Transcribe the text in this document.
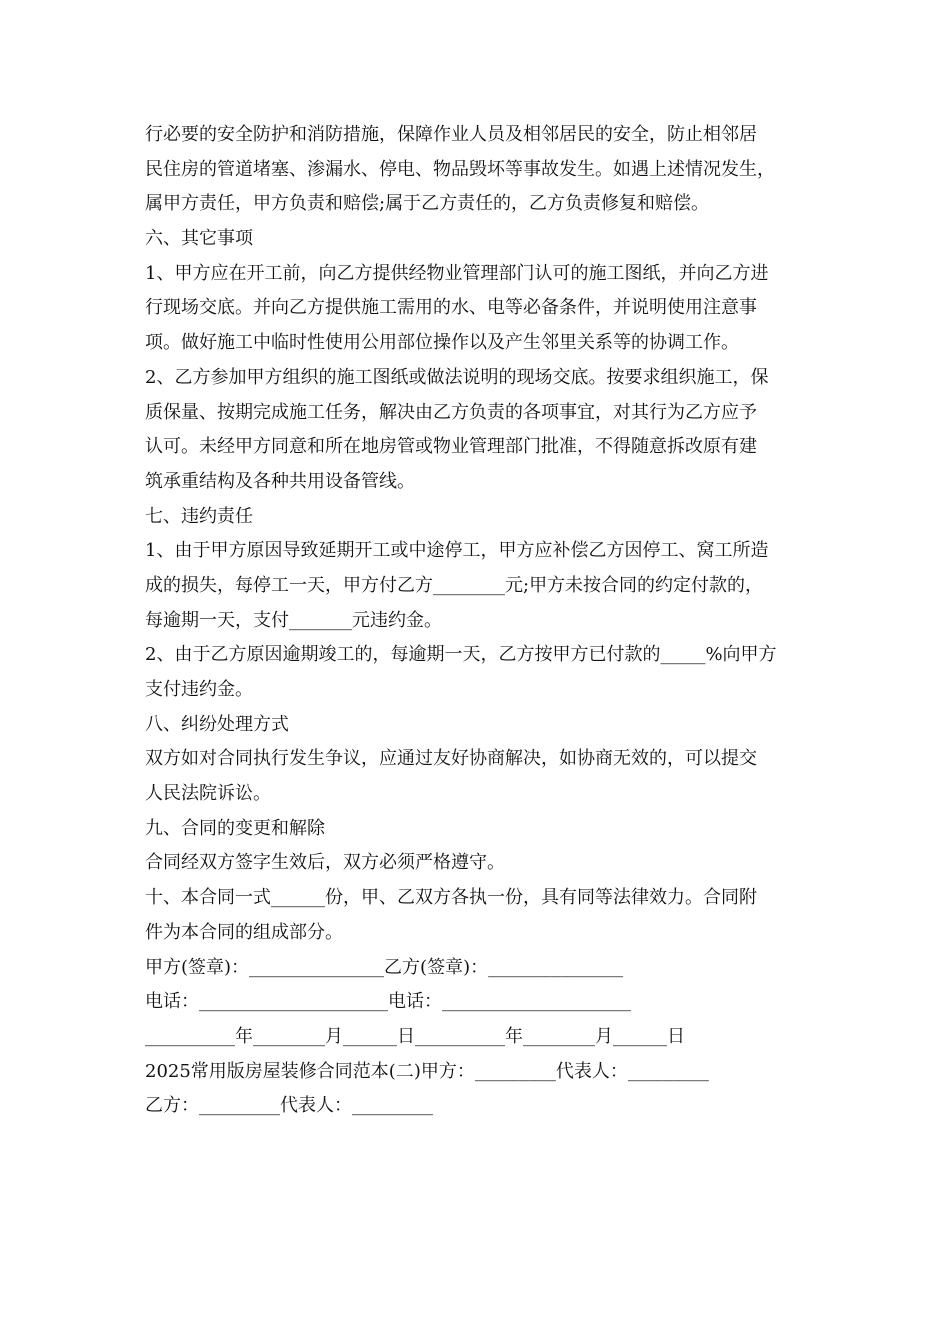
行必要的安全防护和消防措施，保障作业人员及相邻居民的安全，防止相邻居
民住房的管道堵塞、渗漏水、停电、物品毁坏等事故发生。如遇上述情况发生，
属甲方责任，甲方负责和赔偿;属于乙方责任的，乙方负责修复和赔偿。
六、其它事项
1、甲方应在开工前，向乙方提供经物业管理部门认可的施工图纸，并向乙方进
行现场交底。并向乙方提供施工需用的水、电等必备条件，并说明使用注意事
项。做好施工中临时性使用公用部位操作以及产生邻里关系等的协调工作。
2、乙方参加甲方组织的施工图纸或做法说明的现场交底。按要求组织施工，保
质保量、按期完成施工任务，解决由乙方负责的各项事宜，对其行为乙方应予
认可。未经甲方同意和所在地房管或物业管理部门批准，不得随意拆改原有建
筑承重结构及各种共用设备管线。
七、违约责任
1、由于甲方原因导致延期开工或中途停工，甲方应补偿乙方因停工、窝工所造
成的损失，每停工一天，甲方付乙方________元;甲方未按合同的约定付款的，
每逾期一天，支付_______元违约金。
2、由于乙方原因逾期竣工的，每逾期一天，乙方按甲方已付款的_____%向甲方
支付违约金。
八、纠纷处理方式
双方如对合同执行发生争议，应通过友好协商解决，如协商无效的，可以提交
人民法院诉讼。
九、合同的变更和解除
合同经双方签字生效后，双方必须严格遵守。
十、本合同一式______份，甲、乙双方各执一份，具有同等法律效力。合同附
件为本合同的组成部分。
甲方(签章)：_______________乙方(签章)：_______________
电话：_____________________电话：_____________________
__________年________月______日__________年________月______日
2025常用版房屋装修合同范本(二)甲方：_________代表人：_________
乙方：_________代表人：_________
